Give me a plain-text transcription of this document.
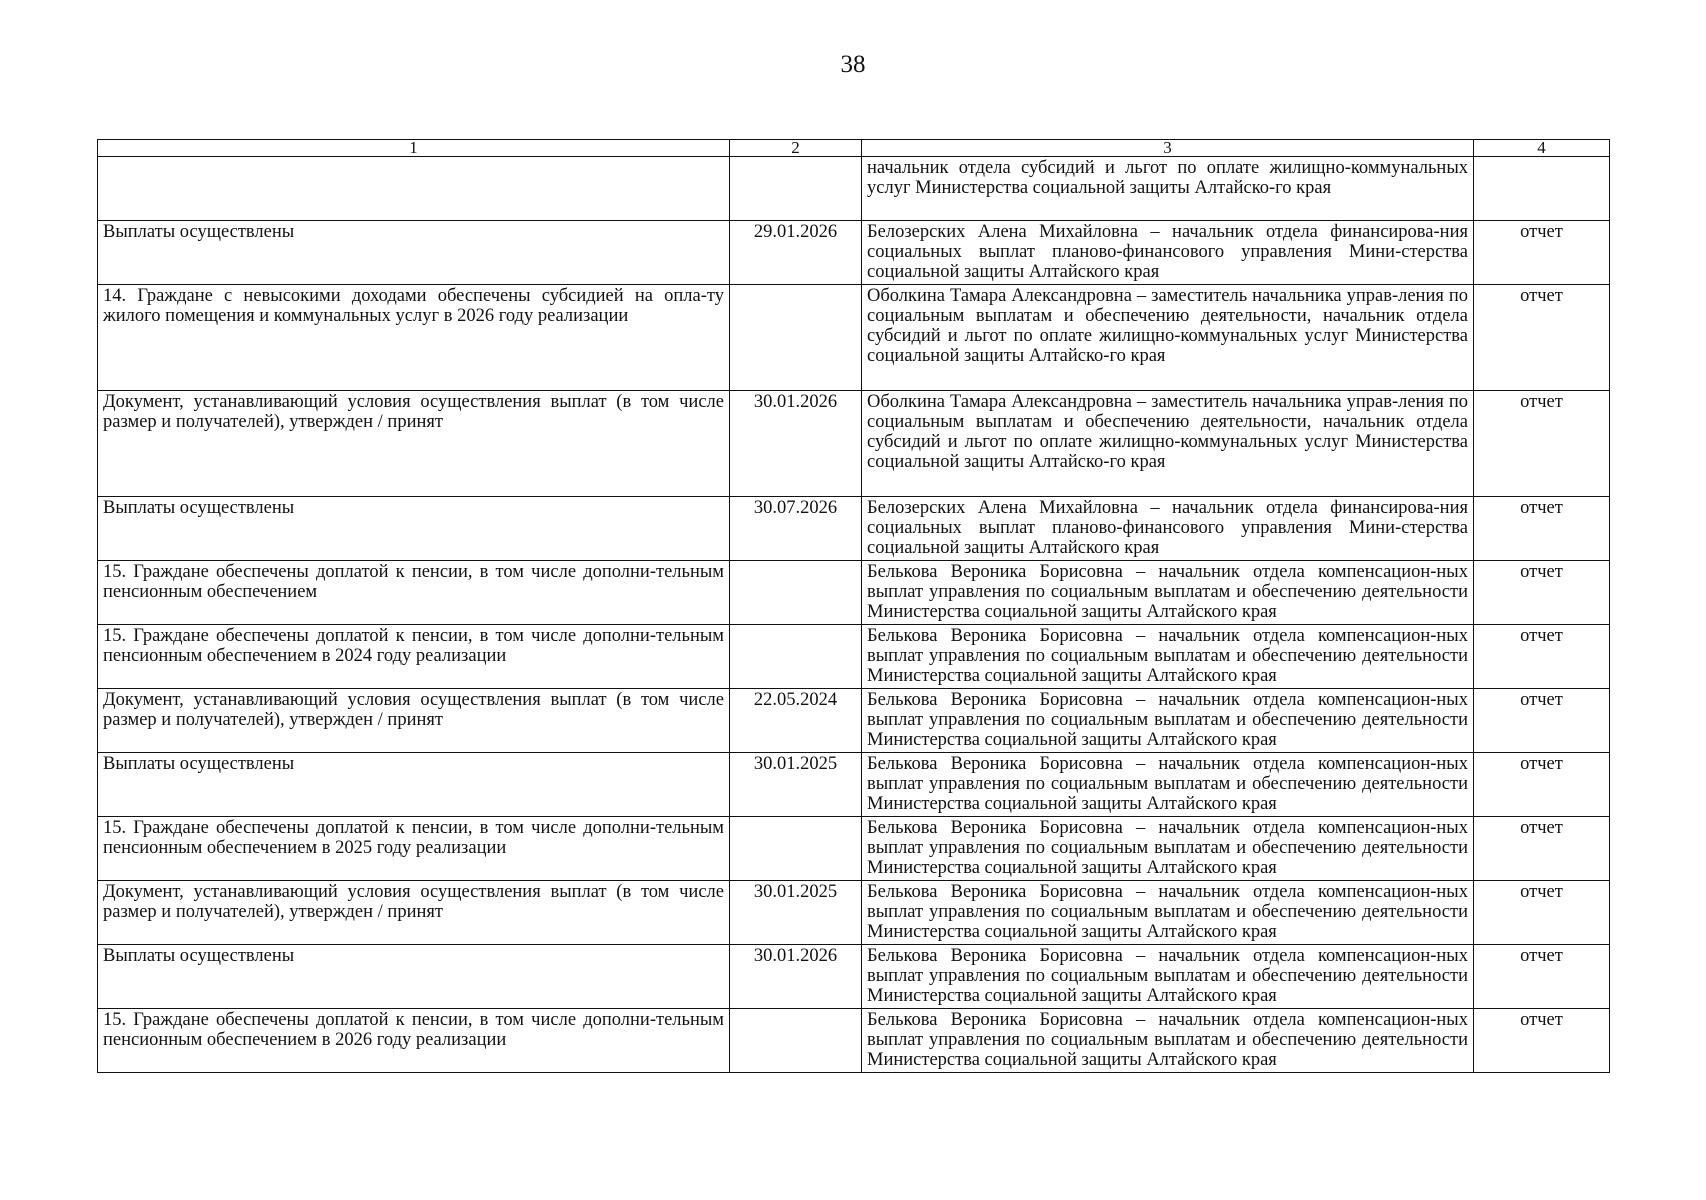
38
1	2	3	4
		начальник отдела субсидий и льгот по оплате жилищно-коммунальных услуг Министерства социальной защиты Алтайско-го края	
Выплаты осуществлены	29.01.2026	Белозерских Алена Михайловна – начальник отдела финансирова-ния социальных выплат планово-финансового управления Мини-стерства социальной защиты Алтайского края	отчет
14. Граждане с невысокими доходами обеспечены субсидией на опла-ту жилого помещения и коммунальных услуг в 2026 году реализации		Оболкина Тамара Александровна – заместитель начальника управ-ления по социальным выплатам и обеспечению деятельности, начальник отдела субсидий и льгот по оплате жилищно-коммунальных услуг Министерства социальной защиты Алтайско-го края	отчет
Документ, устанавливающий условия осуществления выплат (в том числе размер и получателей), утвержден / принят	30.01.2026	Оболкина Тамара Александровна – заместитель начальника управ-ления по социальным выплатам и обеспечению деятельности, начальник отдела субсидий и льгот по оплате жилищно-коммунальных услуг Министерства социальной защиты Алтайско-го края	отчет
Выплаты осуществлены	30.07.2026	Белозерских Алена Михайловна – начальник отдела финансирова-ния социальных выплат планово-финансового управления Мини-стерства социальной защиты Алтайского края	отчет
15. Граждане обеспечены доплатой к пенсии, в том числе дополни-тельным пенсионным обеспечением		Белькова Вероника Борисовна – начальник отдела компенсацион-ных выплат управления по социальным выплатам и обеспечению деятельности Министерства социальной защиты Алтайского края	отчет
15. Граждане обеспечены доплатой к пенсии, в том числе дополни-тельным пенсионным обеспечением в 2024 году реализации		Белькова Вероника Борисовна – начальник отдела компенсацион-ных выплат управления по социальным выплатам и обеспечению деятельности Министерства социальной защиты Алтайского края	отчет
Документ, устанавливающий условия осуществления выплат (в том числе размер и получателей), утвержден / принят	22.05.2024	Белькова Вероника Борисовна – начальник отдела компенсацион-ных выплат управления по социальным выплатам и обеспечению деятельности Министерства социальной защиты Алтайского края	отчет
Выплаты осуществлены	30.01.2025	Белькова Вероника Борисовна – начальник отдела компенсацион-ных выплат управления по социальным выплатам и обеспечению деятельности Министерства социальной защиты Алтайского края	отчет
15. Граждане обеспечены доплатой к пенсии, в том числе дополни-тельным пенсионным обеспечением в 2025 году реализации		Белькова Вероника Борисовна – начальник отдела компенсацион-ных выплат управления по социальным выплатам и обеспечению деятельности Министерства социальной защиты Алтайского края	отчет
Документ, устанавливающий условия осуществления выплат (в том числе размер и получателей), утвержден / принят	30.01.2025	Белькова Вероника Борисовна – начальник отдела компенсацион-ных выплат управления по социальным выплатам и обеспечению деятельности Министерства социальной защиты Алтайского края	отчет
Выплаты осуществлены	30.01.2026	Белькова Вероника Борисовна – начальник отдела компенсацион-ных выплат управления по социальным выплатам и обеспечению деятельности Министерства социальной защиты Алтайского края	отчет
15. Граждане обеспечены доплатой к пенсии, в том числе дополни-тельным пенсионным обеспечением в 2026 году реализации		Белькова Вероника Борисовна – начальник отдела компенсацион-ных выплат управления по социальным выплатам и обеспечению деятельности Министерства социальной защиты Алтайского края	отчет
